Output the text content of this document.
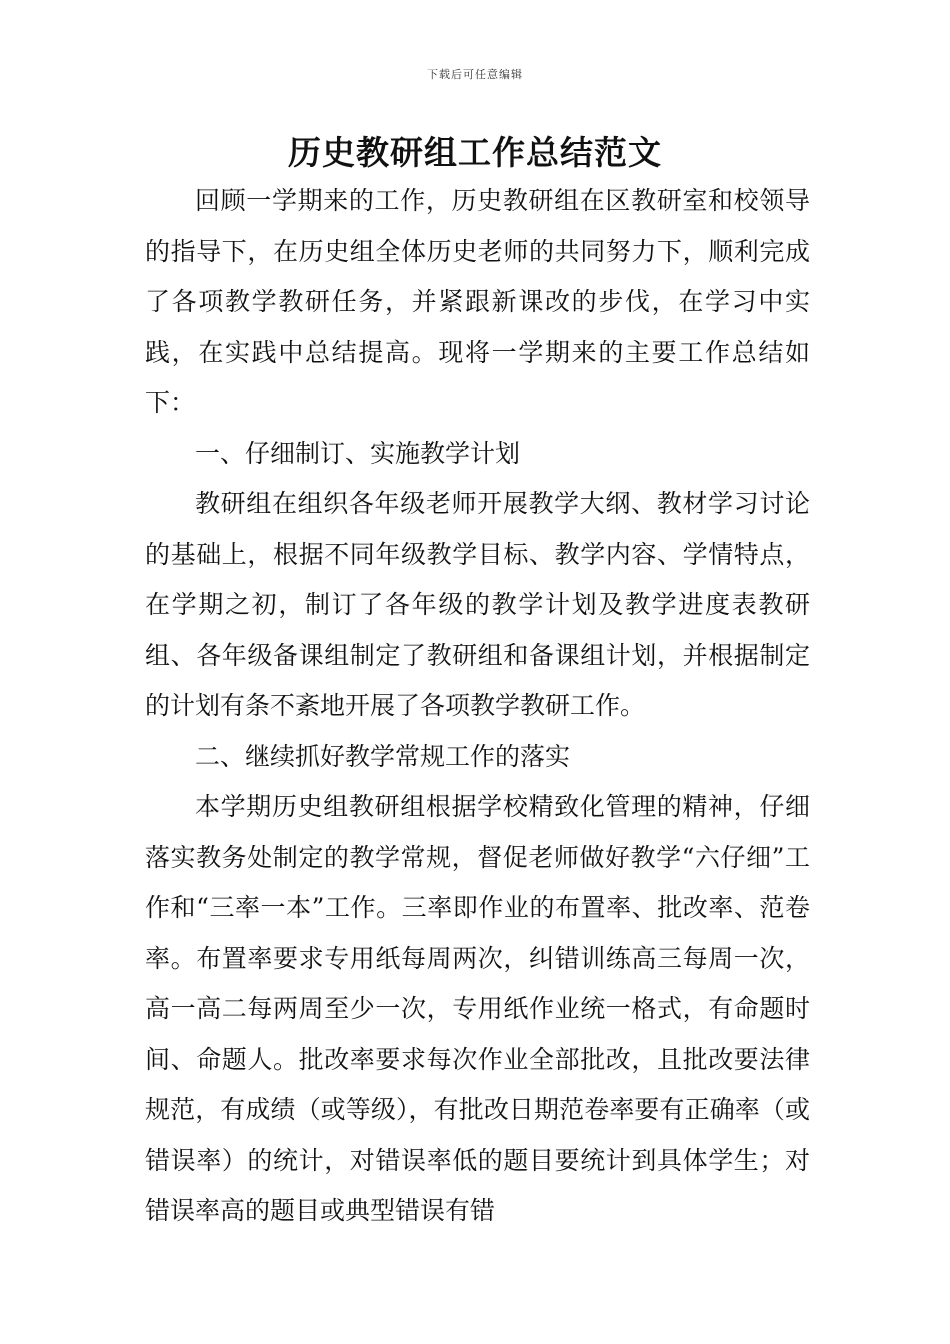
下载后可任意编辑
历史教研组工作总结范文

回顾一学期来的工作，历史教研组在区教研室和校领导的指导下，在历史组全体历史老师的共同努力下，顺利完成了各项教学教研任务，并紧跟新课改的步伐，在学习中实践，在实践中总结提高。现将一学期来的主要工作总结如下：

一、仔细制订、实施教学计划

教研组在组织各年级老师开展教学大纲、教材学习讨论的基础上，根据不同年级教学目标、教学内容、学情特点，在学期之初，制订了各年级的教学计划及教学进度表教研组、各年级备课组制定了教研组和备课组计划，并根据制定的计划有条不紊地开展了各项教学教研工作。

二、继续抓好教学常规工作的落实

本学期历史组教研组根据学校精致化管理的精神，仔细落实教务处制定的教学常规，督促老师做好教学“六仔细”工作和“三率一本”工作。三率即作业的布置率、批改率、范卷率。布置率要求专用纸每周两次，纠错训练高三每周一次，高一高二每两周至少一次，专用纸作业统一格式，有命题时间、命题人。批改率要求每次作业全部批改，且批改要法律规范，有成绩（或等级），有批改日期范卷率要有正确率（或错误率）的统计，对错误率低的题目要统计到具体学生；对错误率高的题目或典型错误有错
